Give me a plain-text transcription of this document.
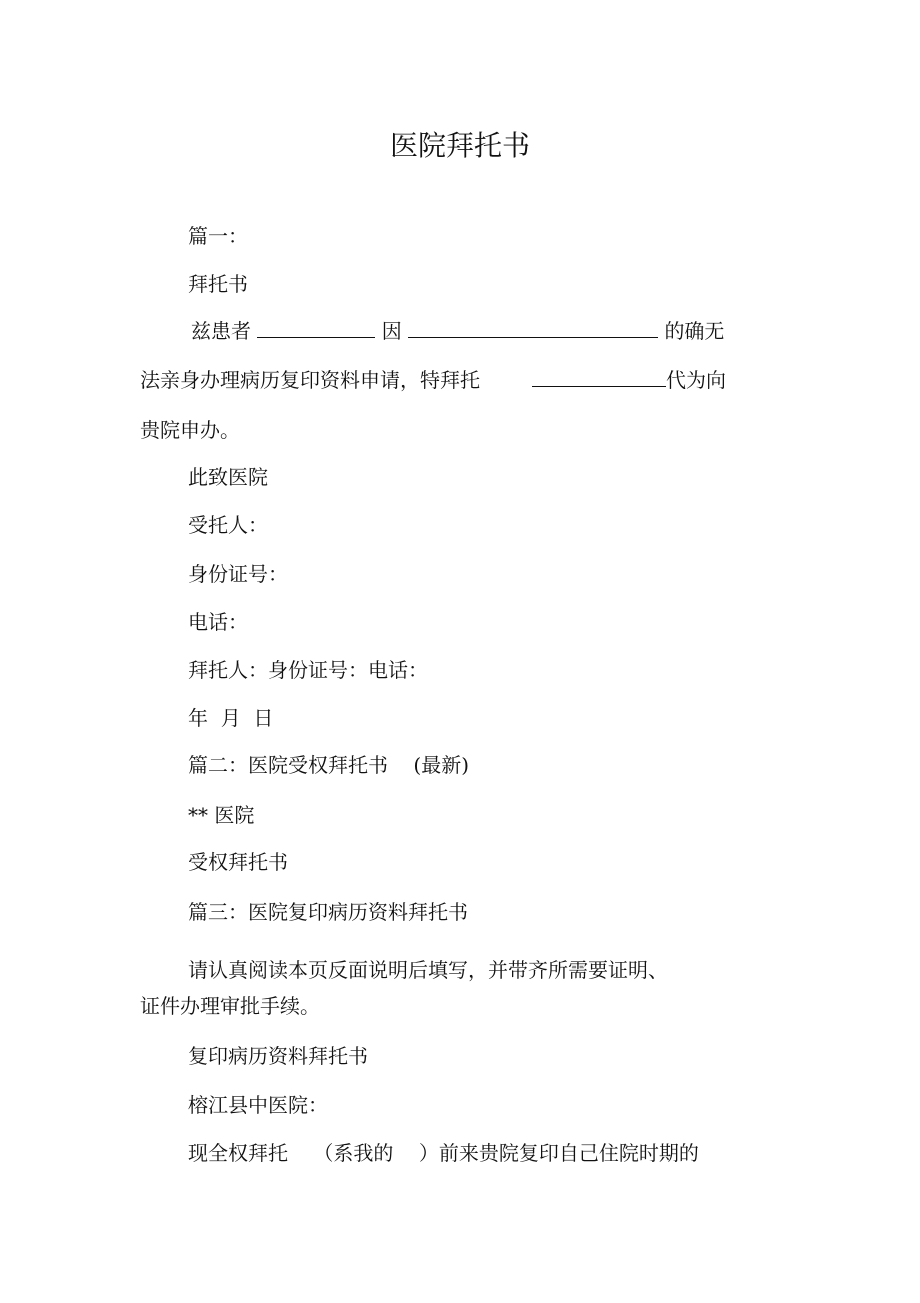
医院拜托书
篇一：
拜托书
兹患者	因	的确无
法亲身办理病历复印资料申请，特拜托	代为向
贵院申办。
此致医院
受托人：
身份证号：
电话：
拜托人：身份证号：电话：
年  月  日
篇二：医院受权拜托书    (最新)
** 医院
受权拜托书
篇三：医院复印病历资料拜托书
请认真阅读本页反面说明后填写，并带齐所需要证明、
证件办理审批手续。
复印病历资料拜托书
榕江县中医院：
现全权拜托    （系我的    ）前来贵院复印自己住院时期的
